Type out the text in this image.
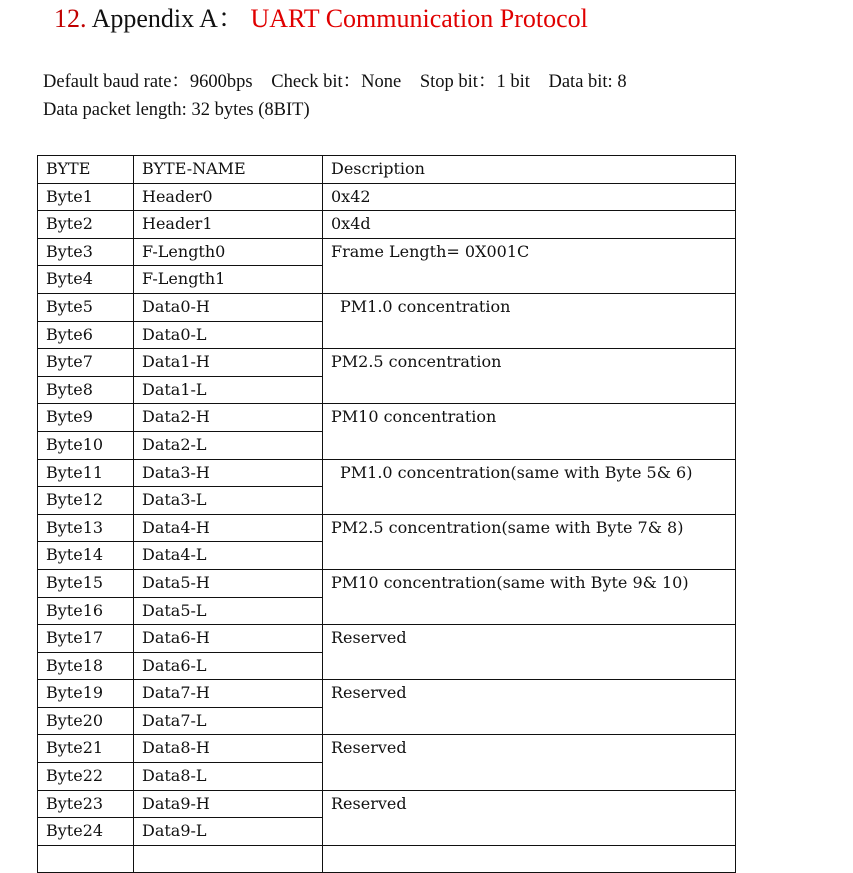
12. Appendix A： UART Communication Protocol
Default baud rate：9600bps Check bit：None Stop bit：1 bit Data bit: 8
Data packet length: 32 bytes (8BIT)
BYTE	BYTE-NAME	Description
Byte1	Header0	0x42
Byte2	Header1	0x4d
Byte3	F-Length0	Frame Length= 0X001C
Byte4	F-Length1	
Byte5	Data0-H	PM1.0 concentration
Byte6	Data0-L	
Byte7	Data1-H	PM2.5 concentration
Byte8	Data1-L	
Byte9	Data2-H	PM10 concentration
Byte10	Data2-L	
Byte11	Data3-H	PM1.0 concentration(same with Byte 5& 6)
Byte12	Data3-L	
Byte13	Data4-H	PM2.5 concentration(same with Byte 7& 8)
Byte14	Data4-L	
Byte15	Data5-H	PM10 concentration(same with Byte 9& 10)
Byte16	Data5-L	
Byte17	Data6-H	Reserved
Byte18	Data6-L	
Byte19	Data7-H	Reserved
Byte20	Data7-L	
Byte21	Data8-H	Reserved
Byte22	Data8-L	
Byte23	Data9-H	Reserved
Byte24	Data9-L	
